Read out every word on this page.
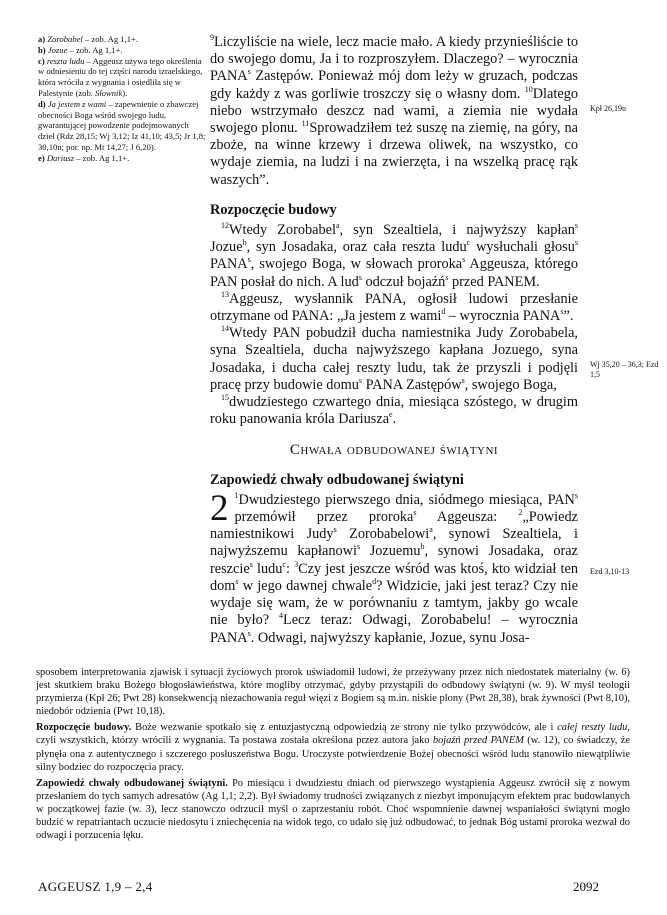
a) Zorobabel – zob. Ag 1,1+.
b) Jozue – zob. Ag 1,1+.
c) reszta ludu – Aggeusz używa tego określenia w odniesieniu do tej części narodu izraelskiego, która wróciła z wygnania i osiedliła się w Palestynie (zob. Słownik).
d) Ja jestem z wami – zapewnienie o zbawczej obecności Boga wśród swojego ludu, gwarantującej powodzenie podejmowanych dzieł (Rdz 28,15; Wj 3,12; Iz 41,10; 43,5; Jr 1,8; 30,10n; por. np. Mt 14,27; J 6,20).
e) Dariusz – zob. Ag 1,1+.

$^9$Liczyliście na wiele, lecz macie mało. A kiedy przynieśliście to do swojego domu, Ja i to rozproszyłem. Dlaczego? – wyrocznia PANA$^s$ Zastępów. Ponieważ mój dom leży w gruzach, podczas gdy każdy z was gorliwie troszczy się o własny dom. $^{10}$Dlatego niebo wstrzymało deszcz nad wami, a ziemia nie wydała swojego plonu. $^{11}$Sprowadziłem też suszę na ziemię, na góry, na zboże, na winne krzewy i drzewa oliwek, na wszystko, co wydaje ziemia, na ludzi i na zwierzęta, i na wszelką pracę rąk waszych”.

Rozpoczęcie budowy

$^{12}$Wtedy Zorobabel$^a$, syn Szealtiela, i najwyższy kapłan$^s$ Jozue$^b$, syn Josadaka, oraz cała reszta ludu$^c$ wysłuchali głosu$^s$ PANA$^s$, swojego Boga, w słowach proroka$^s$ Aggeusza, którego PAN posłał do nich. A lud$^s$ odczuł bojaźń$^s$ przed PANEM.

$^{13}$Aggeusz, wysłannik PANA, ogłosił ludowi przesłanie otrzymane od PANA: „Ja jestem z wami$^d$ – wyrocznia PANA$^s$”.

$^{14}$Wtedy PAN pobudził ducha namiestnika Judy Zorobabela, syna Szealtiela, ducha najwyższego kapłana Jozuego, syna Josadaka, i ducha całej reszty ludu, tak że przyszli i podjęli pracę przy budowie domu$^s$ PANA Zastępów$^s$, swojego Boga,

$^{15}$dwudziestego czwartego dnia, miesiąca szóstego, w drugim roku panowania króla Dariusza$^e$.

Chwała odbudowanej świątyni
Zapowiedź chwały odbudowanej świątyni

2 $^1$Dwudziestego pierwszego dnia, siódmego miesiąca, PAN$^s$ przemówił przez proroka$^s$ Aggeusza: $^2$„Powiedz namiestnikowi Judy$^s$ Zorobabelowi$^a$, synowi Szealtiela, i najwyższemu kapłanowi$^s$ Jozuemu$^b$, synowi Josadaka, oraz reszcie$^s$ ludu$^c$: $^3$Czy jest jeszcze wśród was ktoś, kto widział ten dom$^s$ w jego dawnej chwale$^d$? Widzicie, jaki jest teraz? Czy nie wydaje się wam, że w porównaniu z tamtym, jakby go wcale nie było? $^4$Lecz teraz: Odwagi, Zorobabelu! – wyrocznia PANA$^s$. Odwagi, najwyższy kapłanie, Jozue, synu Josa-

Kpł 26,19n
Wj 35,20 – 36,3; Ezd 1,5
Ezd 3,10-13

sposobem interpretowania zjawisk i sytuacji życiowych prorok uświadomił ludowi, że przeżywany przez nich niedostatek materialny (w. 6) jest skutkiem braku Bożego błogosławieństwa, które mogliby otrzymać, gdyby przystąpili do odbudowy świątyni (w. 9). W myśl teologii przymierza (Kpł 26; Pwt 28) konsekwencją niezachowania reguł więzi z Bogiem są m.in. niskie plony (Pwt 28,38), brak żywności (Pwt 8,10), niedobór odzienia (Pwt 10,18).

Rozpoczęcie budowy. Boże wezwanie spotkało się z entuzjastyczną odpowiedzią ze strony nie tylko przywódców, ale i całej reszty ludu, czyli wszystkich, którzy wrócili z wygnania. Ta postawa została określona przez autora jako bojaźń przed PANEM (w. 12), co świadczy, że płynęła ona z autentycznego i szczerego posłuszeństwa Bogu. Uroczyste potwierdzenie Bożej obecności wśród ludu stanowiło niewątpliwie silny bodziec do rozpoczęcia pracy.

Zapowiedź chwały odbudowanej świątyni. Po miesiącu i dwudziestu dniach od pierwszego wystąpienia Aggeusz zwrócił się z nowym przesłaniem do tych samych adresatów (Ag 1,1; 2,2). Był świadomy trudności związanych z niezbyt imponującym efektem prac budowlanych w początkowej fazie (w. 3), lecz stanowczo odrzucił myśl o zaprzestaniu robót. Choć wspomnienie dawnej wspaniałości świątyni mogło budzić w repatriantach uczucie niedosytu i zniechęcenia na widok tego, co udało się już odbudować, to jednak Bóg ustami proroka wezwał do odwagi i porzucenia lęku.

AGGEUSZ 1,9 – 2,4	2092
